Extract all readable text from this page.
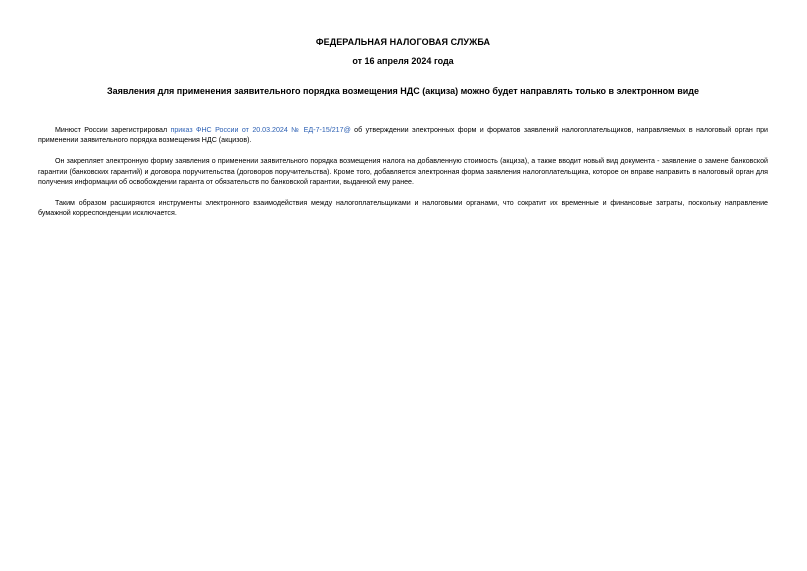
ФЕДЕРАЛЬНАЯ НАЛОГОВАЯ СЛУЖБА
от 16 апреля 2024 года
Заявления для применения заявительного порядка возмещения НДС (акциза) можно будет направлять только в электронном виде

Минюст России зарегистрировал приказ ФНС России от 20.03.2024 № ЕД-7-15/217@ об утверждении электронных форм и форматов заявлений налогоплательщиков, направляемых в налоговый орган при применении заявительного порядка возмещения НДС (акцизов).

Он закрепляет электронную форму заявления о применении заявительного порядка возмещения налога на добавленную стоимость (акциза), а также вводит новый вид документа - заявление о замене банковской гарантии (банковских гарантий) и договора поручительства (договоров поручительства). Кроме того, добавляется электронная форма заявления налогоплательщика, которое он вправе направить в налоговый орган для получения информации об освобождении гаранта от обязательств по банковской гарантии, выданной ему ранее.

Таким образом расширяются инструменты электронного взаимодействия между налогоплательщиками и налоговыми органами, что сократит их временные и финансовые затраты, поскольку направление бумажной корреспонденции исключается.
